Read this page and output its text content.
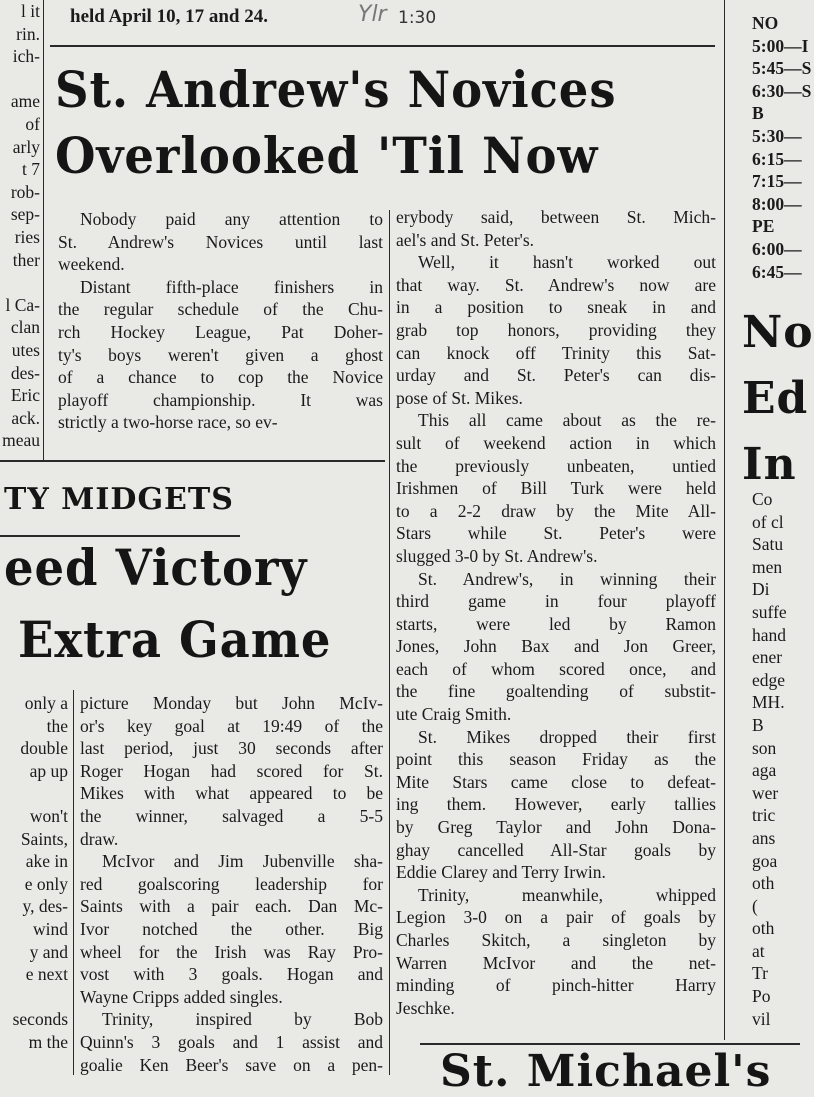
held April 10, 17 and 24.	Ylr 1:30
St. Andrew's Novices
Overlooked 'Til Now
Nobody paid any attention to
St. Andrew's Novices until last
weekend.
Distant fifth-place finishers in
the regular schedule of the Chu-
rch Hockey League, Pat Doher-
ty's boys weren't given a ghost
of a chance to cop the Novice
playoff championship. It was
strictly a two-horse race, so ev-
erybody said, between St. Mich-
ael's and St. Peter's.
Well, it hasn't worked out
that way. St. Andrew's now are
in a position to sneak in and
grab top honors, providing they
can knock off Trinity this Sat-
urday and St. Peter's can dis-
pose of St. Mikes.
This all came about as the re-
sult of weekend action in which
the previously unbeaten, untied
Irishmen of Bill Turk were held
to a 2-2 draw by the Mite All-
Stars while St. Peter's were
slugged 3-0 by St. Andrew's.
St. Andrew's, in winning their
third game in four playoff
starts, were led by Ramon
Jones, John Bax and Jon Greer,
each of whom scored once, and
the fine goaltending of substit-
ute Craig Smith.
St. Mikes dropped their first
point this season Friday as the
Mite Stars came close to defeat-
ing them. However, early tallies
by Greg Taylor and John Dona-
ghay cancelled All-Star goals by
Eddie Clarey and Terry Irwin.
Trinity, meanwhile, whipped
Legion 3-0 on a pair of goals by
Charles Skitch, a singleton by
Warren McIvor and the net-
minding of pinch-hitter Harry
Jeschke.
TY MIDGETS
eed Victory
Extra Game
picture Monday but John McIv-
or's key goal at 19:49 of the
last period, just 30 seconds after
Roger Hogan had scored for St.
Mikes with what appeared to be
the winner, salvaged a 5-5
draw.
McIvor and Jim Jubenville sha-
red goalscoring leadership for
Saints with a pair each. Dan Mc-
Ivor notched the other. Big
wheel for the Irish was Ray Pro-
vost with 3 goals. Hogan and
Wayne Cripps added singles.
Trinity, inspired by Bob
Quinn's 3 goals and 1 assist and
goalie Ken Beer's save on a pen-
l it
rin.
ich-

ame
of
arly
t 7
rob-
sep-
ries
ther

l Ca-
clan
utes
des-
Eric
ack.
meau
only a
the
double
ap up

won't
Saints,
ake in
e only
y, des-
wind
y and
e next

seconds
m the
NO
5:00—I
5:45—S
6:30—S
B
5:30—
6:15—
7:15—
8:00—
PE
6:00—
6:45—
No
Ed
In
Co
of cl
Satu
men
Di
suffe
hand
ener
edge
MH.
B
son
aga
wer
tric
ans
goa
oth
(
oth
at
Tr
Po
vil
St. Michael's
